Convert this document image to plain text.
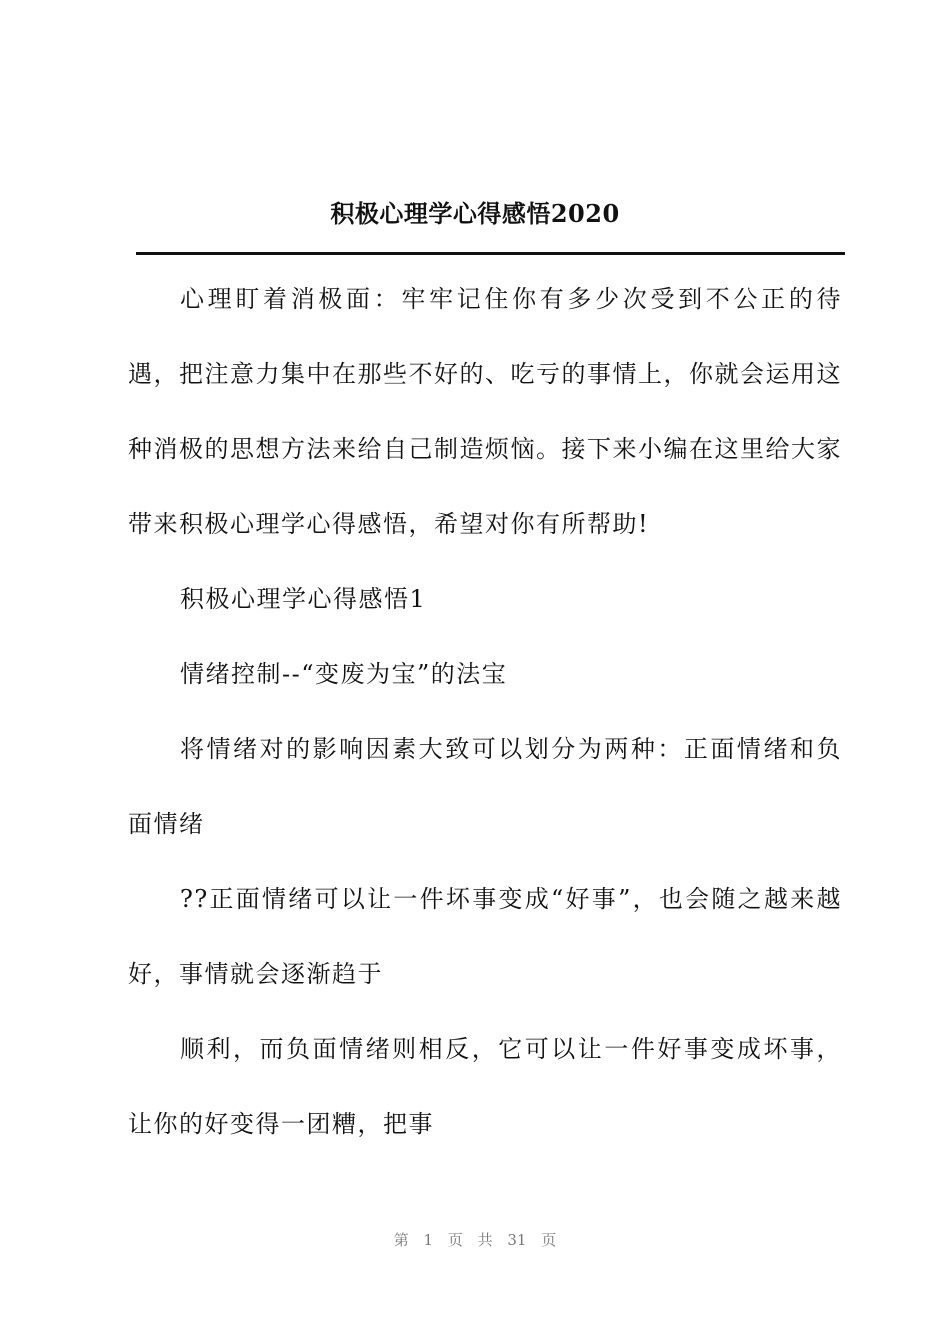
积极心理学心得感悟2020

心理盯着消极面：牢牢记住你有多少次受到不公正的待遇，把注意力集中在那些不好的、吃亏的事情上，你就会运用这种消极的思想方法来给自己制造烦恼。接下来小编在这里给大家带来积极心理学心得感悟，希望对你有所帮助!

积极心理学心得感悟1

情绪控制--“变废为宝”的法宝

将情绪对的影响因素大致可以划分为两种：正面情绪和负面情绪

??正面情绪可以让一件坏事变成“好事”，也会随之越来越好，事情就会逐渐趋于

顺利，而负面情绪则相反，它可以让一件好事变成坏事，让你的好变得一团糟，把事

第 1 页 共 31 页
